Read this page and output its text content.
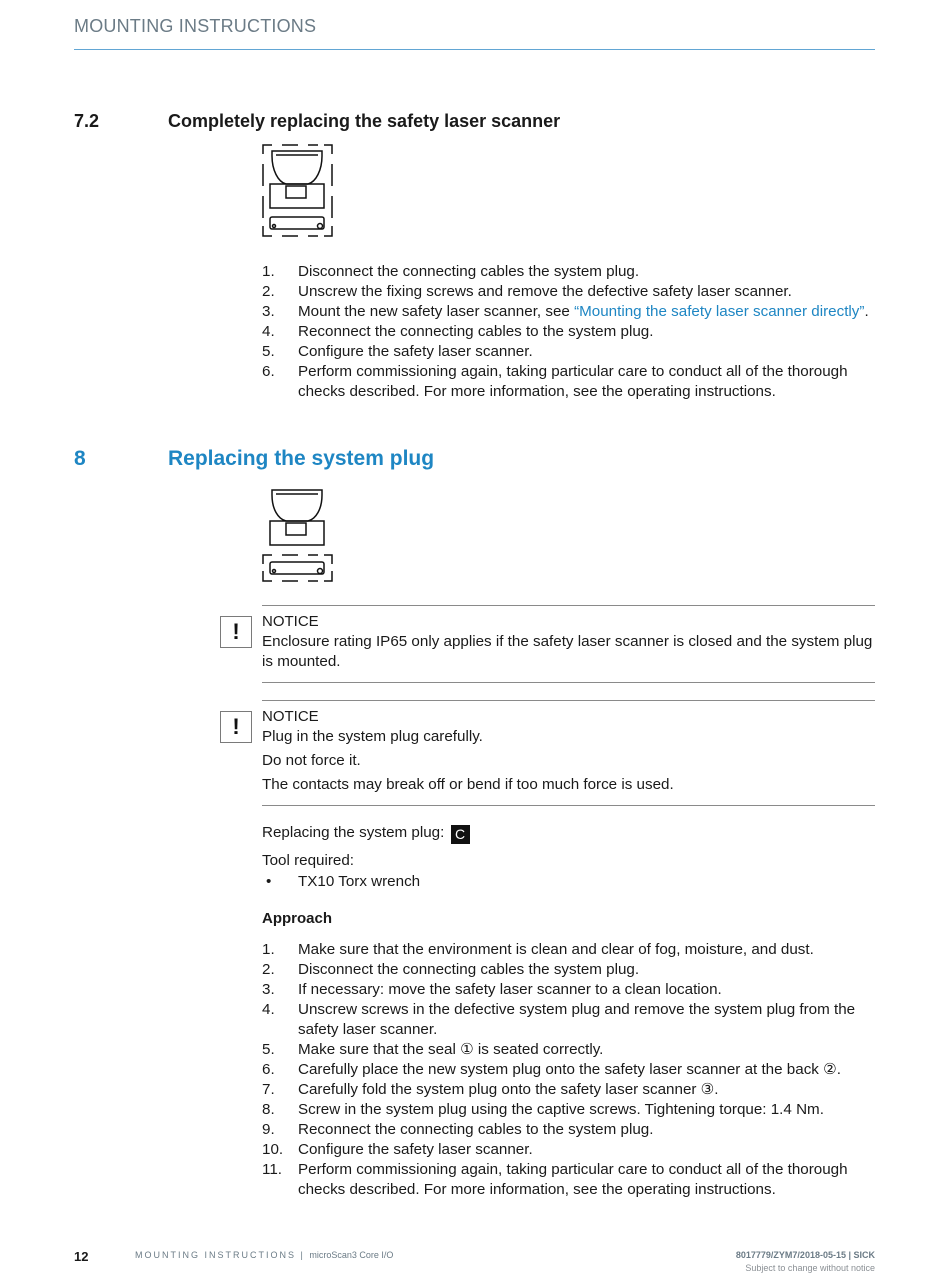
MOUNTING INSTRUCTIONS
7.2	Completely replacing the safety laser scanner
1. Disconnect the connecting cables the system plug.
2. Unscrew the fixing screws and remove the defective safety laser scanner.
3. Mount the new safety laser scanner, see “Mounting the safety laser scanner directly”.
4. Reconnect the connecting cables to the system plug.
5. Configure the safety laser scanner.
6. Perform commissioning again, taking particular care to conduct all of the thorough checks described. For more information, see the operating instructions.
8	Replacing the system plug
!	NOTICE
Enclosure rating IP65 only applies if the safety laser scanner is closed and the system plug is mounted.
!	NOTICE
Plug in the system plug carefully.
Do not force it.
The contacts may break off or bend if too much force is used.
Replacing the system plug: C
Tool required:
• TX10 Torx wrench
Approach
1. Make sure that the environment is clean and clear of fog, moisture, and dust.
2. Disconnect the connecting cables the system plug.
3. If necessary: move the safety laser scanner to a clean location.
4. Unscrew screws in the defective system plug and remove the system plug from the safety laser scanner.
5. Make sure that the seal ① is seated correctly.
6. Carefully place the new system plug onto the safety laser scanner at the back ②.
7. Carefully fold the system plug onto the safety laser scanner ③.
8. Screw in the system plug using the captive screws. Tightening torque: 1.4 Nm.
9. Reconnect the connecting cables to the system plug.
10. Configure the safety laser scanner.
11. Perform commissioning again, taking particular care to conduct all of the thorough checks described. For more information, see the operating instructions.
12	MOUNTING INSTRUCTIONS | microScan3 Core I/O	8017779/ZYM7/2018-05-15 | SICK
Subject to change without notice
